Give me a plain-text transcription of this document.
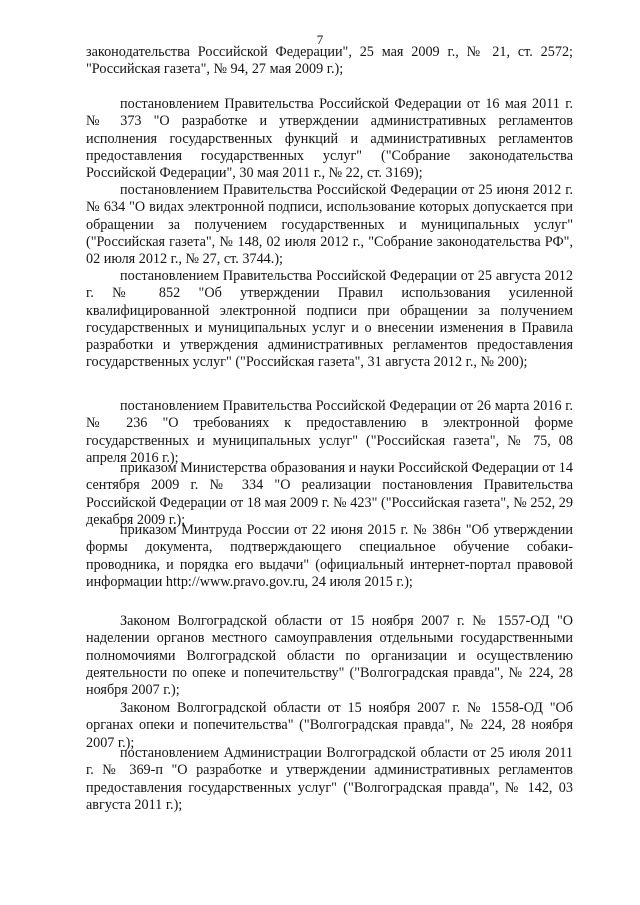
7

законодательства Российской Федерации", 25 мая 2009 г., № 21, ст. 2572; "Российская газета", № 94, 27 мая 2009 г.);

постановлением Правительства Российской Федерации от 16 мая 2011 г. № 373 "О разработке и утверждении административных регламентов исполнения государственных функций и административных регламентов предоставления государственных услуг" ("Собрание законодательства Российской Федерации", 30 мая 2011 г., № 22, ст. 3169);

постановлением Правительства Российской Федерации от 25 июня 2012 г. № 634 "О видах электронной подписи, использование которых допускается при обращении за получением государственных и муниципальных услуг" ("Российская газета", № 148, 02 июля 2012 г., "Собрание законодательства РФ", 02 июля 2012 г., № 27, ст. 3744.);

постановлением Правительства Российской Федерации от 25 августа 2012 г. № 852 "Об утверждении Правил использования усиленной квалифицированной электронной подписи при обращении за получением государственных и муниципальных услуг и о внесении изменения в Правила разработки и утверждения административных регламентов предоставления государственных услуг" ("Российская газета", 31 августа 2012 г., № 200);

постановлением Правительства Российской Федерации от 26 марта 2016 г. № 236 "О требованиях к предоставлению в электронной форме государственных и муниципальных услуг" ("Российская газета", № 75, 08 апреля 2016 г.);

приказом Министерства образования и науки Российской Федерации от 14 сентября 2009 г. № 334 "О реализации постановления Правительства Российской Федерации от 18 мая 2009 г. № 423" ("Российская газета", № 252, 29 декабря 2009 г.);

приказом Минтруда России от 22 июня 2015 г. № 386н "Об утверждении формы документа, подтверждающего специальное обучение собаки-проводника, и порядка его выдачи" (официальный интернет-портал правовой информации http://www.pravo.gov.ru, 24 июля 2015 г.);

Законом Волгоградской области от 15 ноября 2007 г. № 1557-ОД "О наделении органов местного самоуправления отдельными государственными полномочиями Волгоградской области по организации и осуществлению деятельности по опеке и попечительству" ("Волгоградская правда", № 224, 28 ноября 2007 г.);

Законом Волгоградской области от 15 ноября 2007 г. № 1558-ОД "Об органах опеки и попечительства" ("Волгоградская правда", № 224, 28 ноября 2007 г.);

постановлением Администрации Волгоградской области от 25 июля 2011 г. № 369-п "О разработке и утверждении административных регламентов предоставления государственных услуг" ("Волгоградская правда", № 142, 03 августа 2011 г.);
